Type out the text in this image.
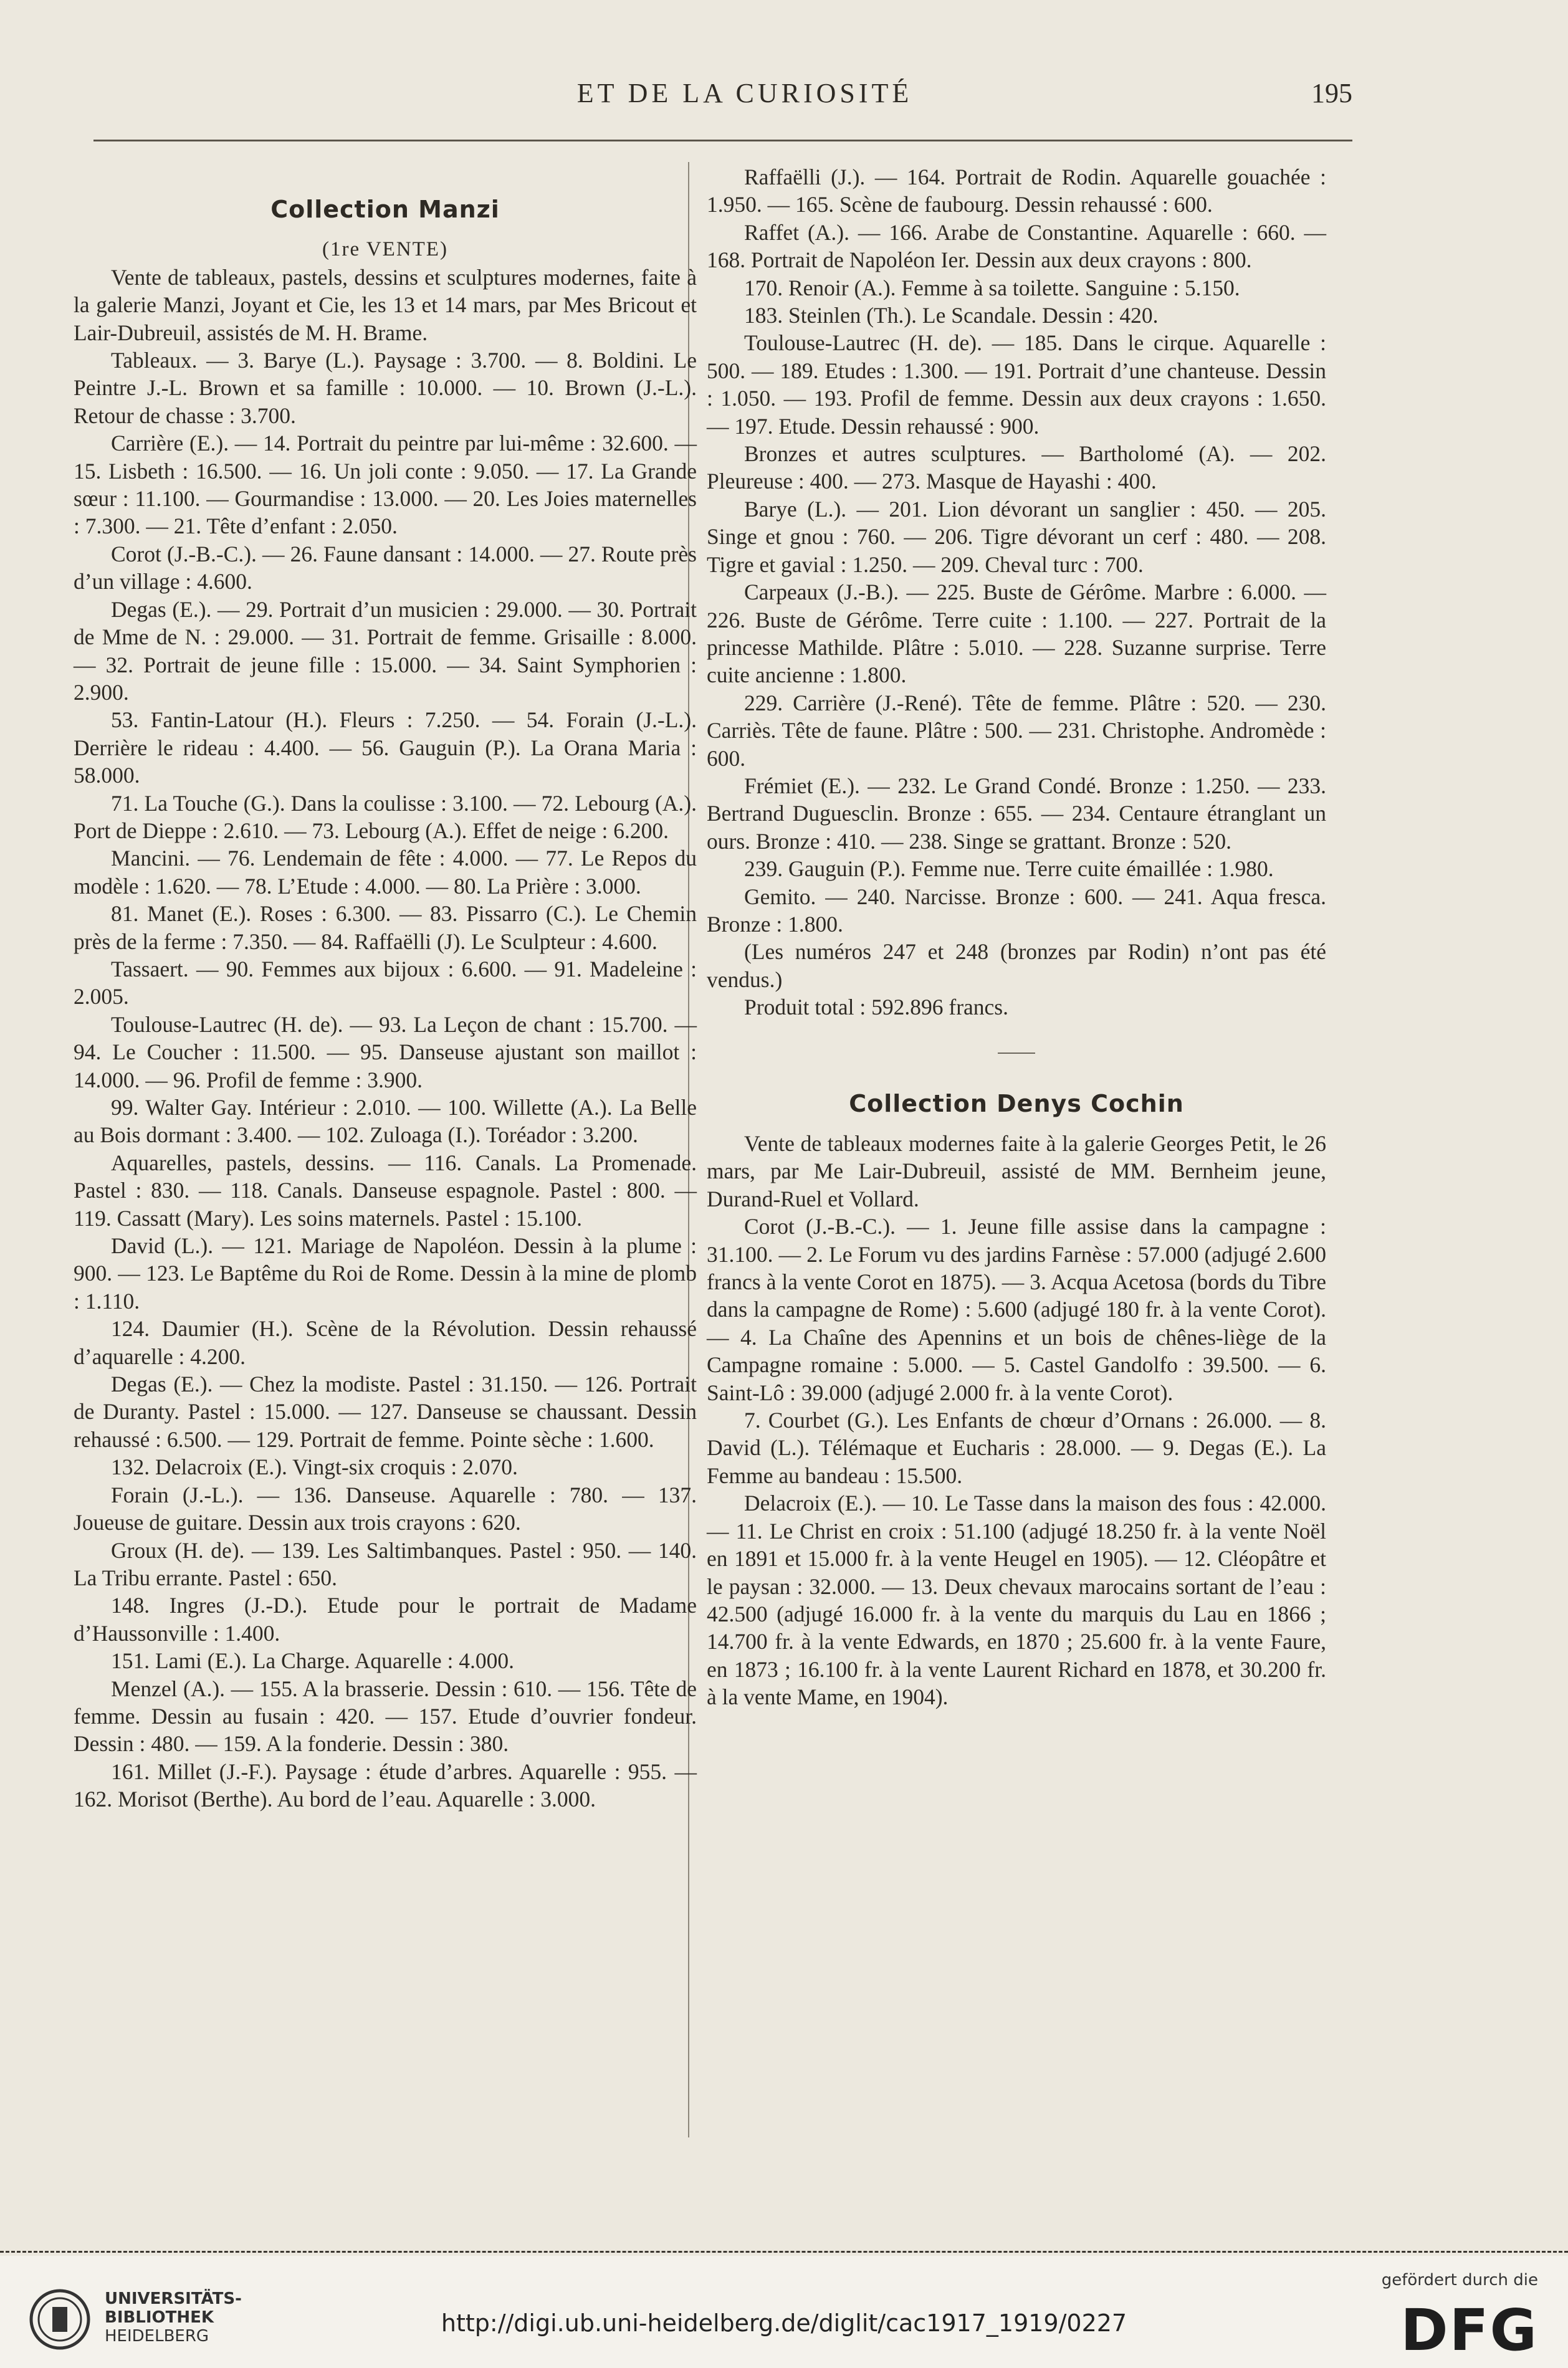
ET DE LA CURIOSITÉ	195
Collection Manzi

(1re VENTE)

Vente de tableaux, pastels, dessins et sculptures modernes, faite à la galerie Manzi, Joyant et Cie, les 13 et 14 mars, par Mes Bricout et Lair-Dubreuil, assistés de M. H. Brame.

Tableaux. — 3. Barye (L.). Paysage : 3.700. — 8. Boldini. Le Peintre J.-L. Brown et sa famille : 10.000. — 10. Brown (J.-L.). Retour de chasse : 3.700.

Carrière (E.). — 14. Portrait du peintre par lui-même : 32.600. — 15. Lisbeth : 16.500. — 16. Un joli conte : 9.050. — 17. La Grande sœur : 11.100. — Gourmandise : 13.000. — 20. Les Joies maternelles : 7.300. — 21. Tête d’enfant : 2.050.

Corot (J.-B.-C.). — 26. Faune dansant : 14.000. — 27. Route près d’un village : 4.600.

Degas (E.). — 29. Portrait d’un musicien : 29.000. — 30. Portrait de Mme de N. : 29.000. — 31. Portrait de femme. Grisaille : 8.000. — 32. Portrait de jeune fille : 15.000. — 34. Saint Symphorien : 2.900.

53. Fantin-Latour (H.). Fleurs : 7.250. — 54. Forain (J.-L.). Derrière le rideau : 4.400. — 56. Gauguin (P.). La Orana Maria : 58.000.

71. La Touche (G.). Dans la coulisse : 3.100. — 72. Lebourg (A.). Port de Dieppe : 2.610. — 73. Lebourg (A.). Effet de neige : 6.200.

Mancini. — 76. Lendemain de fête : 4.000. — 77. Le Repos du modèle : 1.620. — 78. L’Etude : 4.000. — 80. La Prière : 3.000.

81. Manet (E.). Roses : 6.300. — 83. Pissarro (C.). Le Chemin près de la ferme : 7.350. — 84. Raffaëlli (J). Le Sculpteur : 4.600.

Tassaert. — 90. Femmes aux bijoux : 6.600. — 91. Madeleine : 2.005.

Toulouse-Lautrec (H. de). — 93. La Leçon de chant : 15.700. — 94. Le Coucher : 11.500. — 95. Danseuse ajustant son maillot : 14.000. — 96. Profil de femme : 3.900.

99. Walter Gay. Intérieur : 2.010. — 100. Willette (A.). La Belle au Bois dormant : 3.400. — 102. Zuloaga (I.). Toréador : 3.200.

Aquarelles, pastels, dessins. — 116. Canals. La Promenade. Pastel : 830. — 118. Canals. Danseuse espagnole. Pastel : 800. — 119. Cassatt (Mary). Les soins maternels. Pastel : 15.100.

David (L.). — 121. Mariage de Napoléon. Dessin à la plume : 900. — 123. Le Baptême du Roi de Rome. Dessin à la mine de plomb : 1.110.

124. Daumier (H.). Scène de la Révolution. Dessin rehaussé d’aquarelle : 4.200.

Degas (E.). — Chez la modiste. Pastel : 31.150. — 126. Portrait de Duranty. Pastel : 15.000. — 127. Danseuse se chaussant. Dessin rehaussé : 6.500. — 129. Portrait de femme. Pointe sèche : 1.600.

132. Delacroix (E.). Vingt-six croquis : 2.070.

Forain (J.-L.). — 136. Danseuse. Aquarelle : 780. — 137. Joueuse de guitare. Dessin aux trois crayons : 620.

Groux (H. de). — 139. Les Saltimbanques. Pastel : 950. — 140. La Tribu errante. Pastel : 650.

148. Ingres (J.-D.). Etude pour le portrait de Madame d’Haussonville : 1.400.

151. Lami (E.). La Charge. Aquarelle : 4.000.

Menzel (A.). — 155. A la brasserie. Dessin : 610. — 156. Tête de femme. Dessin au fusain : 420. — 157. Etude d’ouvrier fondeur. Dessin : 480. — 159. A la fonderie. Dessin : 380.

161. Millet (J.-F.). Paysage : étude d’arbres. Aquarelle : 955. — 162. Morisot (Berthe). Au bord de l’eau. Aquarelle : 3.000.

Raffaëlli (J.). — 164. Portrait de Rodin. Aquarelle gouachée : 1.950. — 165. Scène de faubourg. Dessin rehaussé : 600.

Raffet (A.). — 166. Arabe de Constantine. Aquarelle : 660. — 168. Portrait de Napoléon Ier. Dessin aux deux crayons : 800.

170. Renoir (A.). Femme à sa toilette. Sanguine : 5.150.

183. Steinlen (Th.). Le Scandale. Dessin : 420.

Toulouse-Lautrec (H. de). — 185. Dans le cirque. Aquarelle : 500. — 189. Etudes : 1.300. — 191. Portrait d’une chanteuse. Dessin : 1.050. — 193. Profil de femme. Dessin aux deux crayons : 1.650. — 197. Etude. Dessin rehaussé : 900.

Bronzes et autres sculptures. — Bartholomé (A). — 202. Pleureuse : 400. — 273. Masque de Hayashi : 400.

Barye (L.). — 201. Lion dévorant un sanglier : 450. — 205. Singe et gnou : 760. — 206. Tigre dévorant un cerf : 480. — 208. Tigre et gavial : 1.250. — 209. Cheval turc : 700.

Carpeaux (J.-B.). — 225. Buste de Gérôme. Marbre : 6.000. — 226. Buste de Gérôme. Terre cuite : 1.100. — 227. Portrait de la princesse Mathilde. Plâtre : 5.010. — 228. Suzanne surprise. Terre cuite ancienne : 1.800.

229. Carrière (J.-René). Tête de femme. Plâtre : 520. — 230. Carriès. Tête de faune. Plâtre : 500. — 231. Christophe. Andromède : 600.

Frémiet (E.). — 232. Le Grand Condé. Bronze : 1.250. — 233. Bertrand Duguesclin. Bronze : 655. — 234. Centaure étranglant un ours. Bronze : 410. — 238. Singe se grattant. Bronze : 520.

239. Gauguin (P.). Femme nue. Terre cuite émaillée : 1.980.

Gemito. — 240. Narcisse. Bronze : 600. — 241. Aqua fresca. Bronze : 1.800.

(Les numéros 247 et 248 (bronzes par Rodin) n’ont pas été vendus.)

Produit total : 592.896 francs.

Collection Denys Cochin

Vente de tableaux modernes faite à la galerie Georges Petit, le 26 mars, par Me Lair-Dubreuil, assisté de MM. Bernheim jeune, Durand-Ruel et Vollard.

Corot (J.-B.-C.). — 1. Jeune fille assise dans la campagne : 31.100. — 2. Le Forum vu des jardins Farnèse : 57.000 (adjugé 2.600 francs à la vente Corot en 1875). — 3. Acqua Acetosa (bords du Tibre dans la campagne de Rome) : 5.600 (adjugé 180 fr. à la vente Corot). — 4. La Chaîne des Apennins et un bois de chênes-liège de la Campagne romaine : 5.000. — 5. Castel Gandolfo : 39.500. — 6. Saint-Lô : 39.000 (adjugé 2.000 fr. à la vente Corot).

7. Courbet (G.). Les Enfants de chœur d’Ornans : 26.000. — 8. David (L.). Télémaque et Eucharis : 28.000. — 9. Degas (E.). La Femme au bandeau : 15.500.

Delacroix (E.). — 10. Le Tasse dans la maison des fous : 42.000. — 11. Le Christ en croix : 51.100 (adjugé 18.250 fr. à la vente Noël en 1891 et 15.000 fr. à la vente Heugel en 1905). — 12. Cléopâtre et le paysan : 32.000. — 13. Deux chevaux marocains sortant de l’eau : 42.500 (adjugé 16.000 fr. à la vente du marquis du Lau en 1866 ; 14.700 fr. à la vente Edwards, en 1870 ; 25.600 fr. à la vente Faure, en 1873 ; 16.100 fr. à la vente Laurent Richard en 1878, et 30.200 fr. à la vente Mame, en 1904).

UNIVERSITÄTS-
BIBLIOTHEK
HEIDELBERG	http://digi.ub.uni-heidelberg.de/diglit/cac1917_1919/0227
gefördert durch die
DFG
